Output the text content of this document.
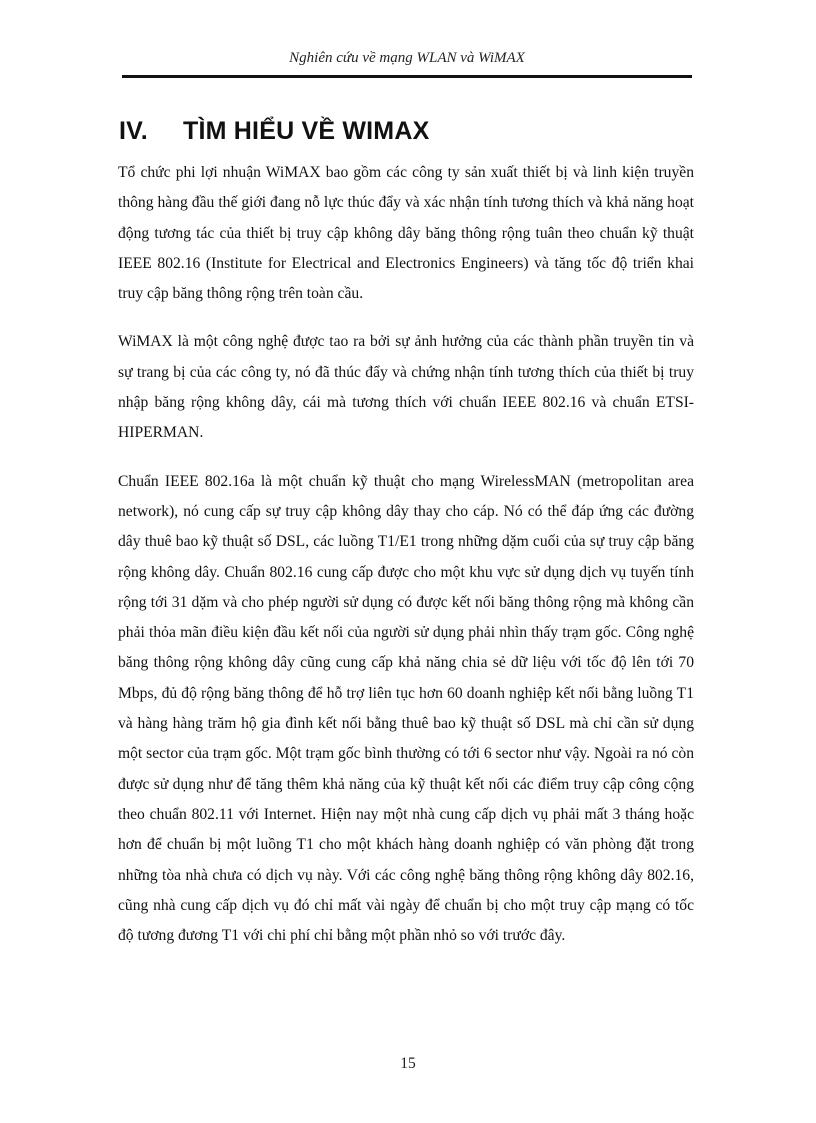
Nghiên cứu về mạng WLAN và WiMAX
IV. TÌM HIỂU VỀ WIMAX

Tổ chức phi lợi nhuận WiMAX bao gồm các công ty sản xuất thiết bị và linh kiện truyền thông hàng đầu thế giới đang nỗ lực thúc đẩy và xác nhận tính tương thích và khả năng hoạt động tương tác của thiết bị truy cập không dây băng thông rộng tuân theo chuẩn kỹ thuật IEEE 802.16 (Institute for Electrical and Electronics Engineers) và tăng tốc độ triển khai truy cập băng thông rộng trên toàn cầu.

WiMAX là một công nghệ được tao ra bởi sự ảnh hưởng của các thành phần truyền tin và sự trang bị của các công ty, nó đã thúc đẩy và chứng nhận tính tương thích của thiết bị truy nhập băng rộng không dây, cái mà tương thích với chuẩn IEEE 802.16 và chuẩn ETSI-HIPERMAN.

Chuẩn IEEE 802.16a là một chuẩn kỹ thuật cho mạng WirelessMAN (metropolitan area network), nó cung cấp sự truy cập không dây thay cho cáp. Nó có thể đáp ứng các đường dây thuê bao kỹ thuật số DSL, các luồng T1/E1 trong những dặm cuối của sự truy cập băng rộng không dây. Chuẩn 802.16 cung cấp được cho một khu vực sử dụng dịch vụ tuyến tính rộng tới 31 dặm và cho phép người sử dụng có được kết nối băng thông rộng mà không cần phải thỏa mãn điều kiện đầu kết nối của người sử dụng phải nhìn thấy trạm gốc. Công nghệ băng thông rộng không dây cũng cung cấp khả năng chia sẻ dữ liệu với tốc độ lên tới 70 Mbps, đủ độ rộng băng thông để hỗ trợ liên tục hơn 60 doanh nghiệp kết nối bằng luồng T1 và hàng hàng trăm hộ gia đình kết nối bằng thuê bao kỹ thuật số DSL mà chỉ cần sử dụng một sector của trạm gốc. Một trạm gốc bình thường có tới 6 sector như vậy. Ngoài ra nó còn được sử dụng như để tăng thêm khả năng của kỹ thuật kết nối các điểm truy cập công cộng theo chuẩn 802.11 với Internet. Hiện nay một nhà cung cấp dịch vụ phải mất 3 tháng hoặc hơn để chuẩn bị một luồng T1 cho một khách hàng doanh nghiệp có văn phòng đặt trong những tòa nhà chưa có dịch vụ này. Với các công nghệ băng thông rộng không dây 802.16, cũng nhà cung cấp dịch vụ đó chỉ mất vài ngày để chuẩn bị cho một truy cập mạng có tốc độ tương đương T1 với chi phí chỉ bằng một phần nhỏ so với trước đây.

15
